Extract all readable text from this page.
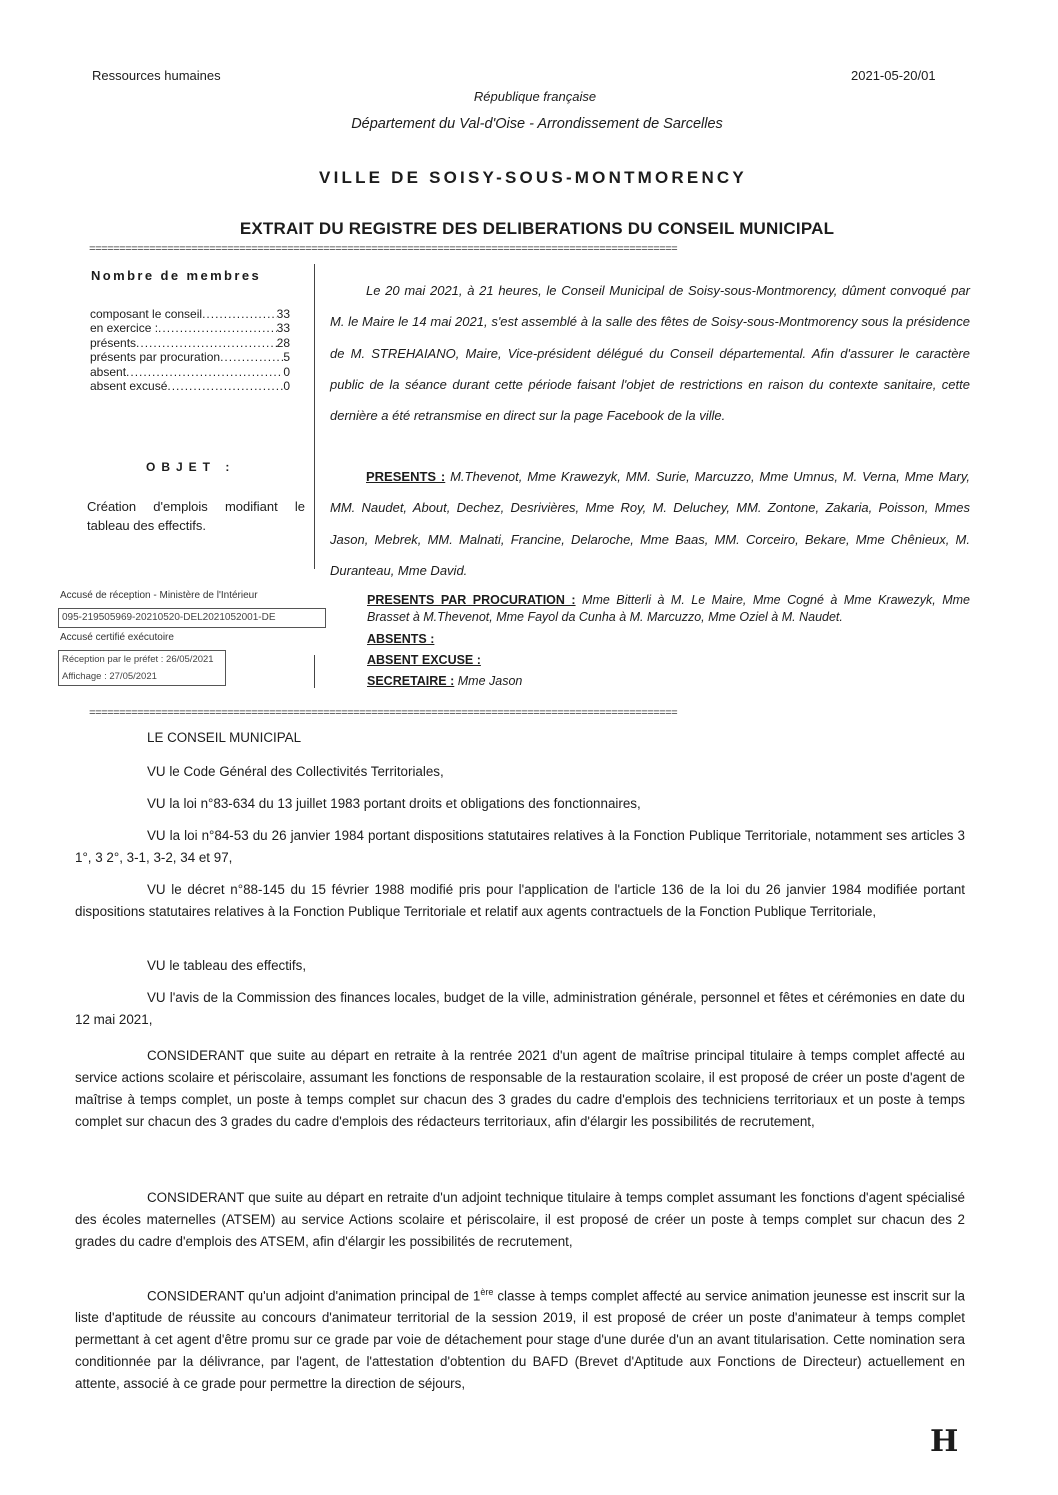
Ressources humaines	2021-05-20/01
République française
Département du Val-d'Oise - Arrondissement de Sarcelles
VILLE DE SOISY-SOUS-MONTMORENCY
EXTRAIT DU REGISTRE DES DELIBERATIONS DU CONSEIL MUNICIPAL
==================================================================================================
Nombre de membres
composant le conseil .....	33
en exercice : .....	33
présents .....	28
présents par procuration .....	5
absent .....	0
absent excusé .....	0
OBJET :
Création d'emplois modifiant le tableau des effectifs.
Accusé de réception - Ministère de l'Intérieur
095-219505969-20210520-DEL2021052001-DE
Accusé certifié exécutoire
Réception par le préfet : 26/05/2021
Affichage : 27/05/2021
Le 20 mai 2021, à 21 heures, le Conseil Municipal de Soisy-sous-Montmorency, dûment convoqué par M. le Maire le 14 mai 2021, s'est assemblé à la salle des fêtes de Soisy-sous-Montmorency sous la présidence de M. STREHAIANO, Maire, Vice-président délégué du Conseil départemental. Afin d'assurer le caractère public de la séance durant cette période faisant l'objet de restrictions en raison du contexte sanitaire, cette dernière a été retransmise en direct sur la page Facebook de la ville.
PRESENTS : M.Thevenot, Mme Krawezyk, MM. Surie, Marcuzzo, Mme Umnus, M. Verna, Mme Mary, MM. Naudet, About, Dechez, Desrivières, Mme Roy, M. Deluchey, MM. Zontone, Zakaria, Poisson, Mmes Jason, Mebrek, MM. Malnati, Francine, Delaroche, Mme Baas, MM. Corceiro, Bekare, Mme Chênieux, M. Duranteau, Mme David.
PRESENTS PAR PROCURATION : Mme Bitterli à M. Le Maire, Mme Cogné à Mme Krawezyk, Mme Brasset à M.Thevenot, Mme Fayol da Cunha à M. Marcuzzo, Mme Oziel à M. Naudet.
ABSENTS :
ABSENT EXCUSE :
SECRETAIRE : Mme Jason
==================================================================================================
LE CONSEIL MUNICIPAL
VU le Code Général des Collectivités Territoriales,
VU la loi n°83-634 du 13 juillet 1983 portant droits et obligations des fonctionnaires,
VU la loi n°84-53 du 26 janvier 1984 portant dispositions statutaires relatives à la Fonction Publique Territoriale, notamment ses articles 3 1°, 3 2°, 3-1, 3-2, 34 et 97,
VU le décret n°88-145 du 15 février 1988 modifié pris pour l'application de l'article 136 de la loi du 26 janvier 1984 modifiée portant dispositions statutaires relatives à la Fonction Publique Territoriale et relatif aux agents contractuels de la Fonction Publique Territoriale,
VU le tableau des effectifs,
VU l'avis de la Commission des finances locales, budget de la ville, administration générale, personnel et fêtes et cérémonies en date du 12 mai 2021,
CONSIDERANT que suite au départ en retraite à la rentrée 2021 d'un agent de maîtrise principal titulaire à temps complet affecté au service actions scolaire et périscolaire, assumant les fonctions de responsable de la restauration scolaire, il est proposé de créer un poste d'agent de maîtrise à temps complet, un poste à temps complet sur chacun des 3 grades du cadre d'emplois des techniciens territoriaux et un poste à temps complet sur chacun des 3 grades du cadre d'emplois des rédacteurs territoriaux, afin d'élargir les possibilités de recrutement,
CONSIDERANT que suite au départ en retraite d'un adjoint technique titulaire à temps complet assumant les fonctions d'agent spécialisé des écoles maternelles (ATSEM) au service Actions scolaire et périscolaire, il est proposé de créer un poste à temps complet sur chacun des 2 grades du cadre d'emplois des ATSEM, afin d'élargir les possibilités de recrutement,
CONSIDERANT qu'un adjoint d'animation principal de 1ère classe à temps complet affecté au service animation jeunesse est inscrit sur la liste d'aptitude de réussite au concours d'animateur territorial de la session 2019, il est proposé de créer un poste d'animateur à temps complet permettant à cet agent d'être promu sur ce grade par voie de détachement pour stage d'une durée d'un an avant titularisation. Cette nomination sera conditionnée par la délivrance, par l'agent, de l'attestation d'obtention du BAFD (Brevet d'Aptitude aux Fonctions de Directeur) actuellement en attente, associé à ce grade pour permettre la direction de séjours,
H
